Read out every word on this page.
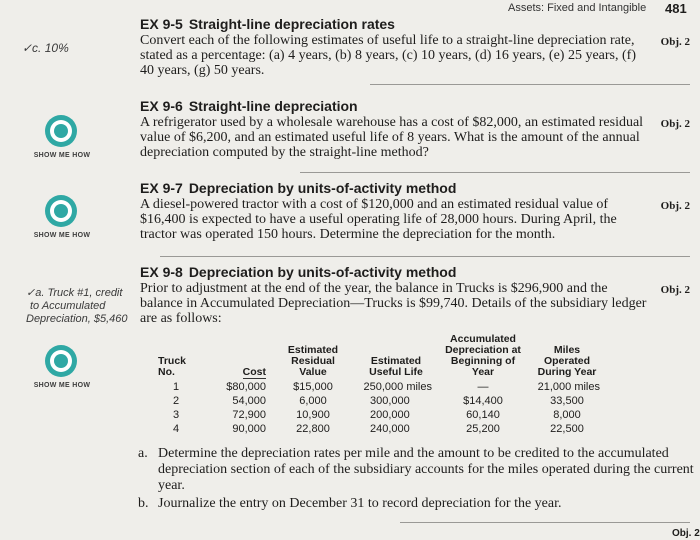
Assets: Fixed and Intangible 481
✓c. 10%
EX 9-5 Straight-line depreciation rates
Obj. 2
Convert each of the following estimates of useful life to a straight-line depreciation rate, stated as a percentage: (a) 4 years, (b) 8 years, (c) 10 years, (d) 16 years, (e) 25 years, (f) 40 years, (g) 50 years.
SHOW ME HOW
EX 9-6 Straight-line depreciation
Obj. 2
A refrigerator used by a wholesale warehouse has a cost of $82,000, an estimated residual value of $6,200, and an estimated useful life of 8 years. What is the amount of the annual depreciation computed by the straight-line method?
SHOW ME HOW
EX 9-7 Depreciation by units-of-activity method
Obj. 2
A diesel-powered tractor with a cost of $120,000 and an estimated residual value of $16,400 is expected to have a useful operating life of 28,000 hours. During April, the tractor was operated 150 hours. Determine the depreciation for the month.
✓a. Truck #1, credit
to Accumulated
Depreciation, $5,460
SHOW ME HOW
EX 9-8 Depreciation by units-of-activity method
Obj. 2
Prior to adjustment at the end of the year, the balance in Trucks is $296,900 and the balance in Accumulated Depreciation—Trucks is $99,740. Details of the subsidiary ledger are as follows:
Truck No.	Cost	Estimated Residual Value	Estimated Useful Life	Accumulated Depreciation at Beginning of Year	Miles Operated During Year
1	$80,000	$15,000	250,000 miles	—	21,000 miles
2	54,000	6,000	300,000	$14,400	33,500
3	72,900	10,900	200,000	60,140	8,000
4	90,000	22,800	240,000	25,200	22,500
a. Determine the depreciation rates per mile and the amount to be credited to the accumulated depreciation section of each of the subsidiary accounts for the miles operated during the current year.
b. Journalize the entry on December 31 to record depreciation for the year.
Obj. 2
